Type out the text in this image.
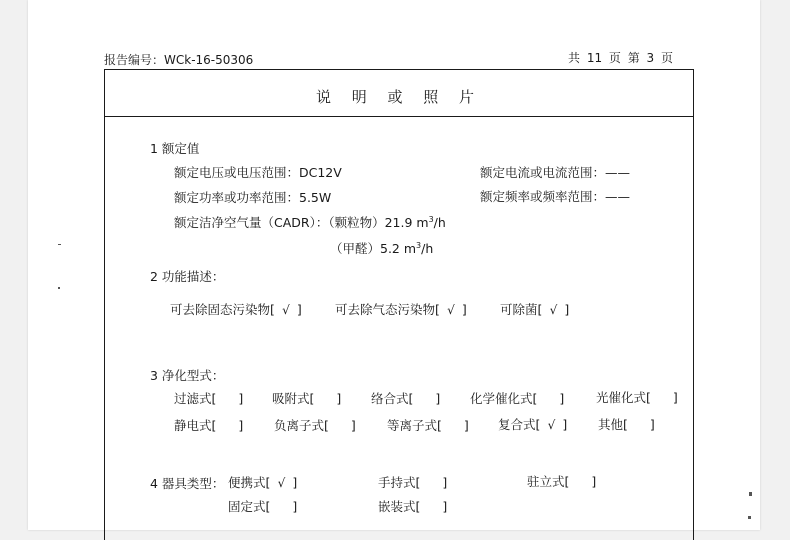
报告编号：WCk-16-50306	共 11 页 第 3 页
说 明 或 照 片
1 额定值
额定电压或电压范围：DC12V	额定电流或电流范围：——
额定功率或功率范围：5.5W	额定频率或频率范围：——
额定洁净空气量（CADR）：（颗粒物）21.9 $m^3/h$
（甲醛）5.2 $m^3/h$
2 功能描述：
可去除固态污染物[ √ ]	可去除气态污染物[ √ ]	可除菌[ √ ]
3 净化型式：
过滤式[ ] 吸附式[ ] 络合式[ ] 化学催化式[ ]	光催化式[ ]
静电式[ ] 负离子式[ ] 等离子式[ ] 复合式[ √ ] 其他[ ]
4 器具类型： 便携式[ √ ]	手持式[ ]	驻立式[ ]
固定式[ ]	嵌装式[ ]
